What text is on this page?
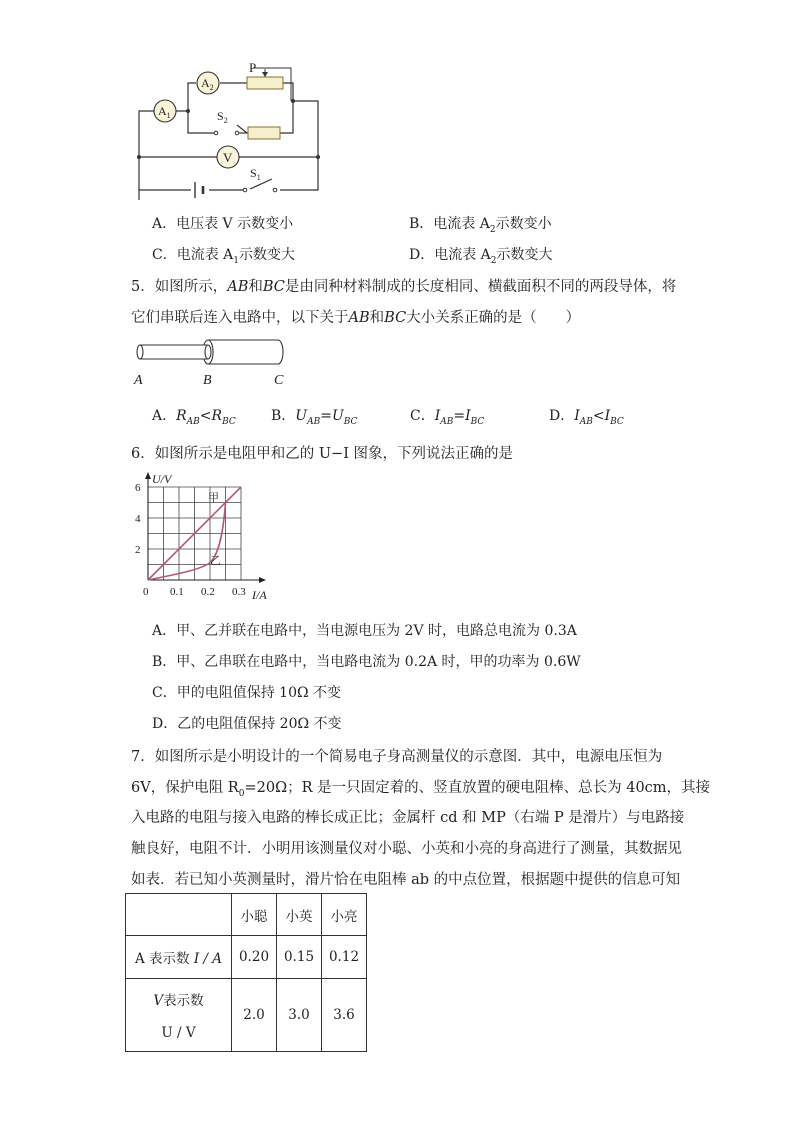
P
$A_2$
$A_1$	$S_2$
V
$S_1$
A．电压表 V 示数变小	B．电流表 $A_2$示数变小
C．电流表 $A_1$示数变大	D．电流表 $A_2$示数变大
5．如图所示，AB和BC是由同种材料制成的长度相同、横截面积不同的两段导体，将
它们串联后连入电路中，以下关于AB和BC大小关系正确的是（　　）
A	B	C
A．$R_{AB}<R_{BC}$	B．$U_{AB}=U_{BC}$	C．$I_{AB}=I_{BC}$	D．$I_{AB}<I_{BC}$
6．如图所示是电阻甲和乙的 U−I 图象，下列说法正确的是
U/V
I/A
2
4
6
0 0.1 0.2 0.3
甲
乙
A．甲、乙并联在电路中，当电源电压为 2V 时，电路总电流为 0.3A
B．甲、乙串联在电路中，当电路电流为 0.2A 时，甲的功率为 0.6W
C．甲的电阻值保持 10Ω 不变
D．乙的电阻值保持 20Ω 不变
7．如图所示是小明设计的一个简易电子身高测量仪的示意图．其中，电源电压恒为
6V，保护电阻 $R_0=20\Omega$；R 是一只固定着的、竖直放置的硬电阻棒、总长为 40cm，其接
入电路的电阻与接入电路的棒长成正比；金属杆 cd 和 MP（右端 P 是滑片）与电路接
触良好，电阻不计．小明用该测量仪对小聪、小英和小亮的身高进行了测量，其数据见
如表．若已知小英测量时，滑片恰在电阻棒 ab 的中点位置，根据题中提供的信息可知
	小聪	小英	小亮
A 表示数 I / A	0.20	0.15	0.12
V表示数

U / V	2.0	3.0	3.6
